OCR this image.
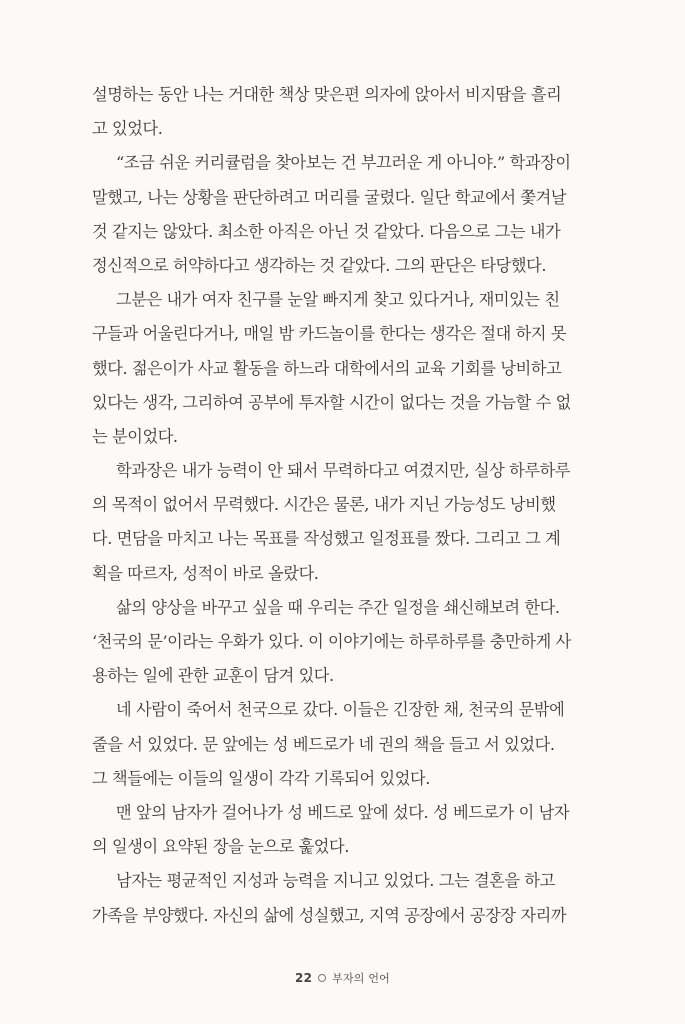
설명하는 동안 나는 거대한 책상 맞은편 의자에 앉아서 비지땀을 흘리
고 있었다.
“조금 쉬운 커리큘럼을 찾아보는 건 부끄러운 게 아니야.” 학과장이
말했고, 나는 상황을 판단하려고 머리를 굴렸다. 일단 학교에서 쫓겨날
것 같지는 않았다. 최소한 아직은 아닌 것 같았다. 다음으로 그는 내가
정신적으로 허약하다고 생각하는 것 같았다. 그의 판단은 타당했다.
그분은 내가 여자 친구를 눈알 빠지게 찾고 있다거나, 재미있는 친
구들과 어울린다거나, 매일 밤 카드놀이를 한다는 생각은 절대 하지 못
했다. 젊은이가 사교 활동을 하느라 대학에서의 교육 기회를 낭비하고
있다는 생각, 그리하여 공부에 투자할 시간이 없다는 것을 가늠할 수 없
는 분이었다.
학과장은 내가 능력이 안 돼서 무력하다고 여겼지만, 실상 하루하루
의 목적이 없어서 무력했다. 시간은 물론, 내가 지닌 가능성도 낭비했
다. 면담을 마치고 나는 목표를 작성했고 일정표를 짰다. 그리고 그 계
획을 따르자, 성적이 바로 올랐다.
삶의 양상을 바꾸고 싶을 때 우리는 주간 일정을 쇄신해보려 한다.
‘천국의 문’이라는 우화가 있다. 이 이야기에는 하루하루를 충만하게 사
용하는 일에 관한 교훈이 담겨 있다.
네 사람이 죽어서 천국으로 갔다. 이들은 긴장한 채, 천국의 문밖에
줄을 서 있었다. 문 앞에는 성 베드로가 네 권의 책을 들고 서 있었다.
그 책들에는 이들의 일생이 각각 기록되어 있었다.
맨 앞의 남자가 걸어나가 성 베드로 앞에 섰다. 성 베드로가 이 남자
의 일생이 요약된 장을 눈으로 훑었다.
남자는 평균적인 지성과 능력을 지니고 있었다. 그는 결혼을 하고
가족을 부양했다. 자신의 삶에 성실했고, 지역 공장에서 공장장 자리까
22 부자의 언어
